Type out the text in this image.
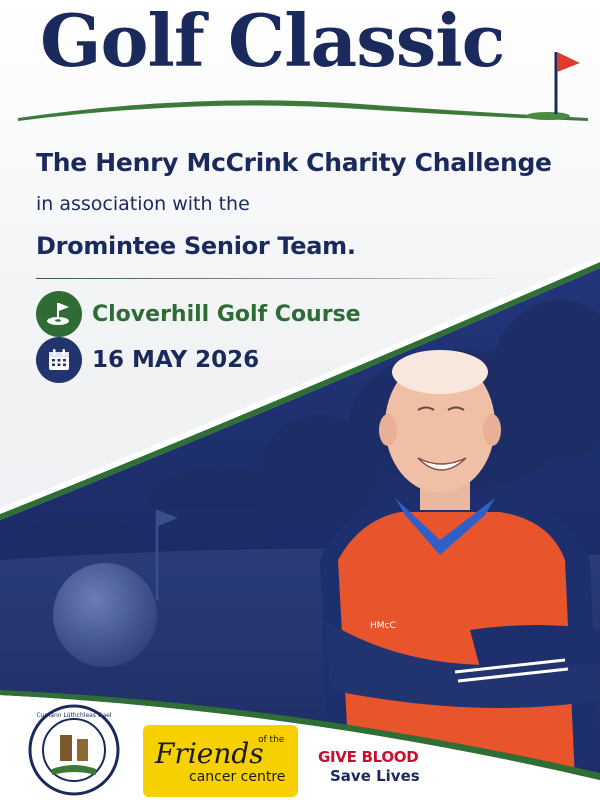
Golf Classic
The Henry McCrink Charity Challenge
in association with the
Dromintee Senior Team.
Cloverhill Golf Course
16 MAY 2026
HMcC
Cumann Lúthchleas Gael
Friends
of the
cancer centre
GIVE BLOOD
Save Lives
